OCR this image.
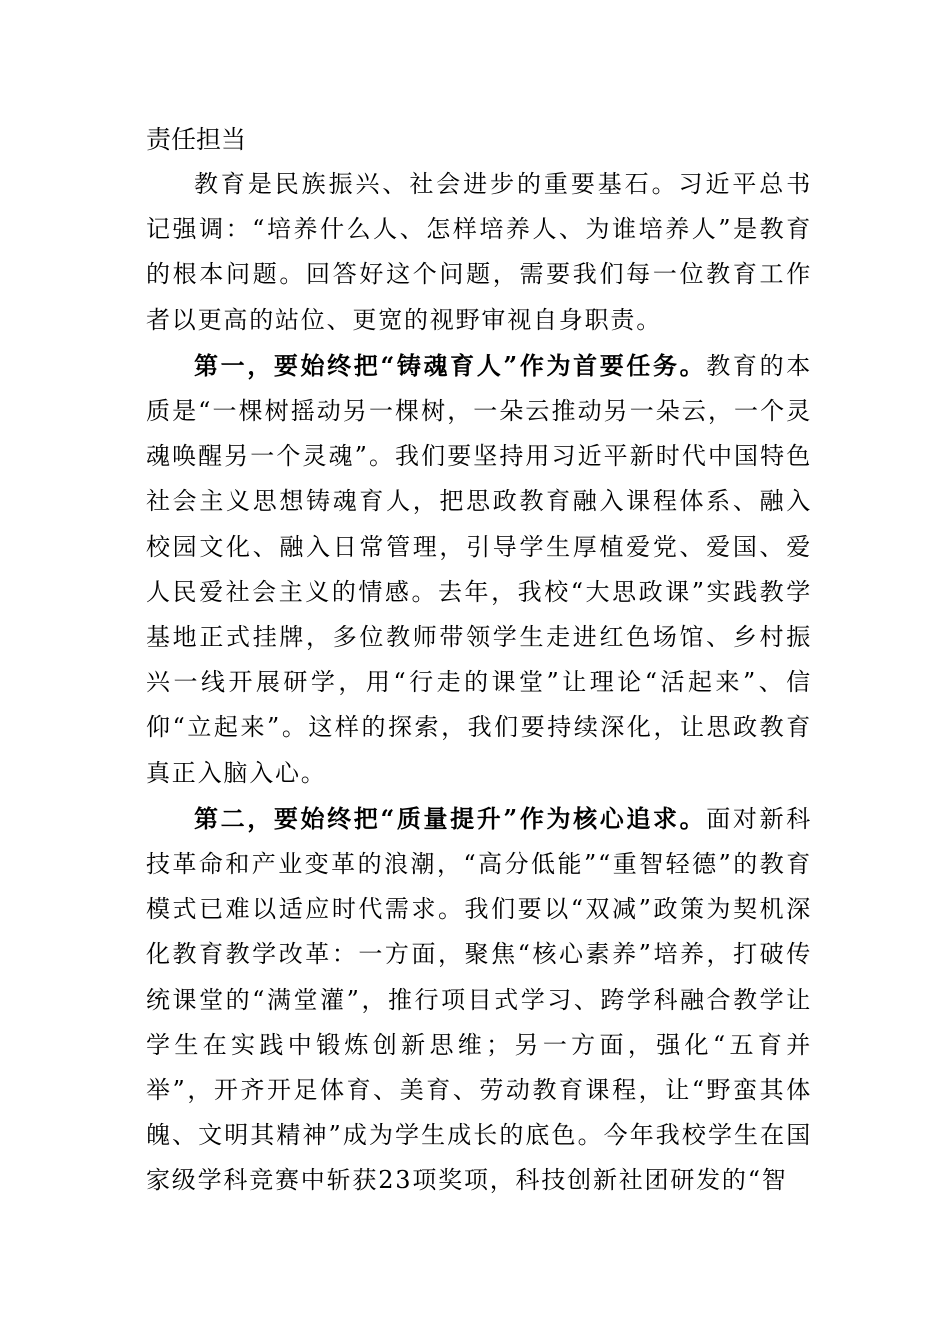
责任担当

教育是民族振兴、社会进步的重要基石。习近平总书记强调：“培养什么人、怎样培养人、为谁培养人”是教育的根本问题。回答好这个问题，需要我们每一位教育工作者以更高的站位、更宽的视野审视自身职责。

第一，要始终把“铸魂育人”作为首要任务。教育的本质是“一棵树摇动另一棵树，一朵云推动另一朵云，一个灵魂唤醒另一个灵魂”。我们要坚持用习近平新时代中国特色社会主义思想铸魂育人，把思政教育融入课程体系、融入校园文化、融入日常管理，引导学生厚植爱党、爱国、爱人民爱社会主义的情感。去年，我校“大思政课”实践教学基地正式挂牌，多位教师带领学生走进红色场馆、乡村振兴一线开展研学，用“行走的课堂”让理论“活起来”、信仰“立起来”。这样的探索，我们要持续深化，让思政教育真正入脑入心。

第二，要始终把“质量提升”作为核心追求。面对新科技革命和产业变革的浪潮，“高分低能”“重智轻德”的教育模式已难以适应时代需求。我们要以“双减”政策为契机深化教育教学改革：一方面，聚焦“核心素养”培养，打破传统课堂的“满堂灌”，推行项目式学习、跨学科融合教学让学生在实践中锻炼创新思维；另一方面，强化“五育并举”，开齐开足体育、美育、劳动教育课程，让“野蛮其体魄、文明其精神”成为学生成长的底色。今年我校学生在国家级学科竞赛中斩获23项奖项，科技创新社团研发的“智
